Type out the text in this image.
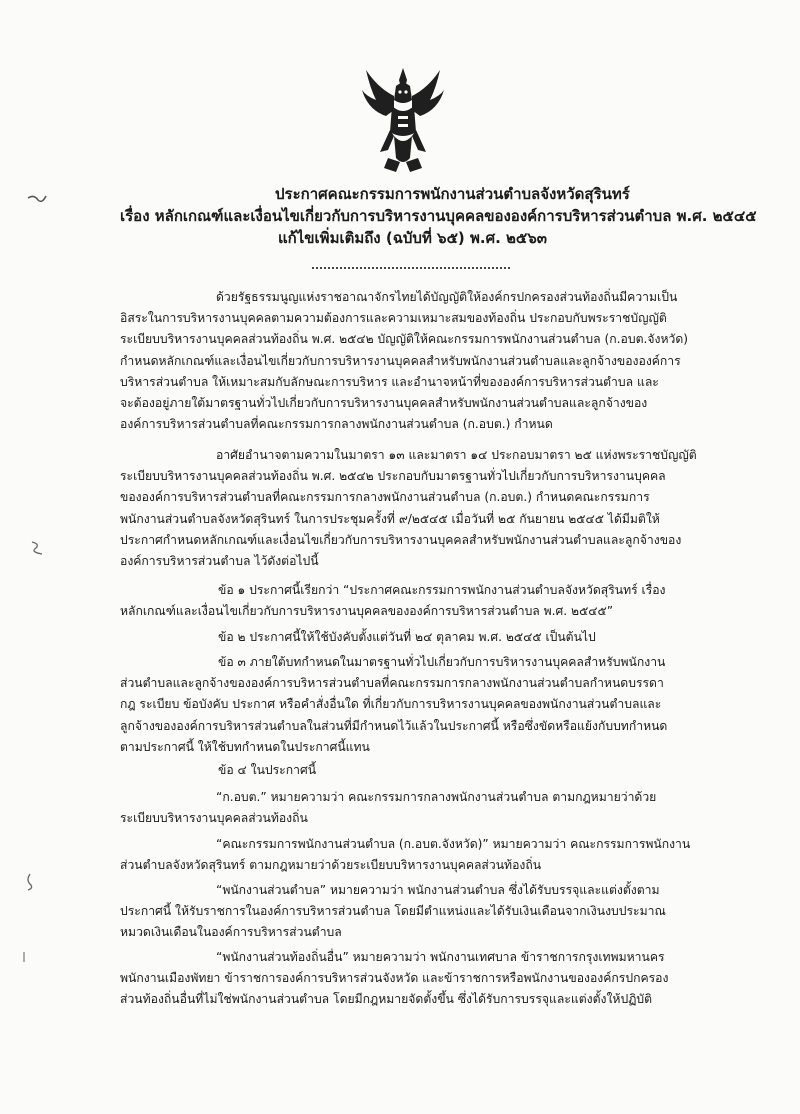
ประกาศคณะกรรมการพนักงานส่วนตำบลจังหวัดสุรินทร์
เรื่อง หลักเกณฑ์และเงื่อนไขเกี่ยวกับการบริหารงานบุคคลขององค์การบริหารส่วนตำบล พ.ศ. ๒๕๔๕
แก้ไขเพิ่มเติมถึง (ฉบับที่ ๖๕) พ.ศ. ๒๕๖๓
ด้วยรัฐธรรมนูญแห่งราชอาณาจักรไทยได้บัญญัติให้องค์กรปกครองส่วนท้องถิ่นมีความเป็น
อิสระในการบริหารงานบุคคลตามความต้องการและความเหมาะสมของท้องถิ่น ประกอบกับพระราชบัญญัติ
ระเบียบบริหารงานบุคคลส่วนท้องถิ่น พ.ศ. ๒๕๔๒ บัญญัติให้คณะกรรมการพนักงานส่วนตำบล (ก.อบต.จังหวัด)
กำหนดหลักเกณฑ์และเงื่อนไขเกี่ยวกับการบริหารงานบุคคลสำหรับพนักงานส่วนตำบลและลูกจ้างขององค์การ
บริหารส่วนตำบล ให้เหมาะสมกับลักษณะการบริหาร และอำนาจหน้าที่ขององค์การบริหารส่วนตำบล และ
จะต้องอยู่ภายใต้มาตรฐานทั่วไปเกี่ยวกับการบริหารงานบุคคลสำหรับพนักงานส่วนตำบลและลูกจ้างของ
องค์การบริหารส่วนตำบลที่คณะกรรมการกลางพนักงานส่วนตำบล (ก.อบต.) กำหนด
อาศัยอำนาจตามความในมาตรา ๑๓ และมาตรา ๑๔ ประกอบมาตรา ๒๕ แห่งพระราชบัญญัติ
ระเบียบบริหารงานบุคคลส่วนท้องถิ่น พ.ศ. ๒๕๔๒ ประกอบกับมาตรฐานทั่วไปเกี่ยวกับการบริหารงานบุคคล
ขององค์การบริหารส่วนตำบลที่คณะกรรมการกลางพนักงานส่วนตำบล (ก.อบต.) กำหนดคณะกรรมการ
พนักงานส่วนตำบลจังหวัดสุรินทร์ ในการประชุมครั้งที่ ๙/๒๕๔๕ เมื่อวันที่ ๒๕ กันยายน ๒๕๔๕ ได้มีมติให้
ประกาศกำหนดหลักเกณฑ์และเงื่อนไขเกี่ยวกับการบริหารงานบุคคลสำหรับพนักงานส่วนตำบลและลูกจ้างของ
องค์การบริหารส่วนตำบล ไว้ดังต่อไปนี้
ข้อ ๑ ประกาศนี้เรียกว่า “ประกาศคณะกรรมการพนักงานส่วนตำบลจังหวัดสุรินทร์ เรื่อง
หลักเกณฑ์และเงื่อนไขเกี่ยวกับการบริหารงานบุคคลขององค์การบริหารส่วนตำบล พ.ศ. ๒๕๔๕”
ข้อ ๒ ประกาศนี้ให้ใช้บังคับตั้งแต่วันที่ ๒๔ ตุลาคม พ.ศ. ๒๕๔๕ เป็นต้นไป
ข้อ ๓ ภายใต้บทกำหนดในมาตรฐานทั่วไปเกี่ยวกับการบริหารงานบุคคลสำหรับพนักงาน
ส่วนตำบลและลูกจ้างขององค์การบริหารส่วนตำบลที่คณะกรรมการกลางพนักงานส่วนตำบลกำหนดบรรดา
กฎ ระเบียบ ข้อบังคับ ประกาศ หรือคำสั่งอื่นใด ที่เกี่ยวกับการบริหารงานบุคคลของพนักงานส่วนตำบลและ
ลูกจ้างขององค์การบริหารส่วนตำบลในส่วนที่มีกำหนดไว้แล้วในประกาศนี้ หรือซึ่งขัดหรือแย้งกับบทกำหนด
ตามประกาศนี้ ให้ใช้บทกำหนดในประกาศนี้แทน
ข้อ ๔ ในประกาศนี้
“ก.อบต.” หมายความว่า คณะกรรมการกลางพนักงานส่วนตำบล ตามกฎหมายว่าด้วย
ระเบียบบริหารงานบุคคลส่วนท้องถิ่น
“คณะกรรมการพนักงานส่วนตำบล (ก.อบต.จังหวัด)” หมายความว่า คณะกรรมการพนักงาน
ส่วนตำบลจังหวัดสุรินทร์ ตามกฎหมายว่าด้วยระเบียบบริหารงานบุคคลส่วนท้องถิ่น
“พนักงานส่วนตำบล” หมายความว่า พนักงานส่วนตำบล ซึ่งได้รับบรรจุและแต่งตั้งตาม
ประกาศนี้ ให้รับราชการในองค์การบริหารส่วนตำบล โดยมีตำแหน่งและได้รับเงินเดือนจากเงินงบประมาณ
หมวดเงินเดือนในองค์การบริหารส่วนตำบล
“พนักงานส่วนท้องถิ่นอื่น” หมายความว่า พนักงานเทศบาล ข้าราชการกรุงเทพมหานคร
พนักงานเมืองพัทยา ข้าราชการองค์การบริหารส่วนจังหวัด และข้าราชการหรือพนักงานขององค์กรปกครอง
ส่วนท้องถิ่นอื่นที่ไม่ใช่พนักงานส่วนตำบล โดยมีกฎหมายจัดตั้งขึ้น ซึ่งได้รับการบรรจุและแต่งตั้งให้ปฏิบัติ
